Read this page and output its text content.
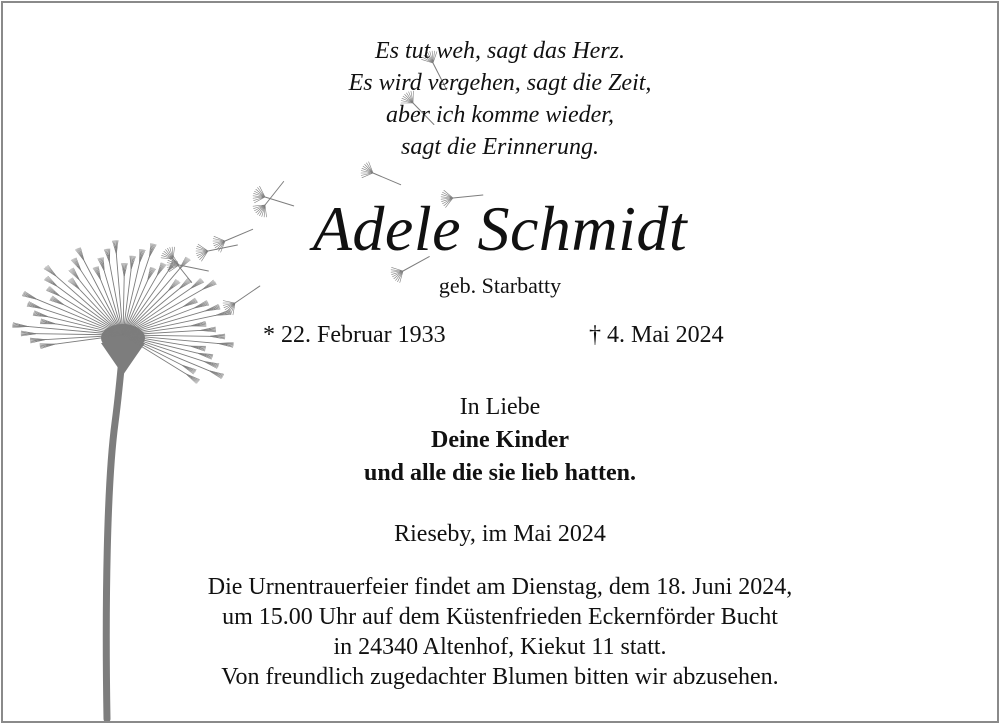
Es tut weh, sagt das Herz.
Es wird vergehen, sagt die Zeit,
aber ich komme wieder,
sagt die Erinnerung.
Adele Schmidt
geb. Starbatty
* 22. Februar 1933	† 4. Mai 2024
In Liebe
Deine Kinder
und alle die sie lieb hatten.
Rieseby, im Mai 2024
Die Urnentrauerfeier findet am Dienstag, dem 18. Juni 2024,
um 15.00 Uhr auf dem Küstenfrieden Eckernförder Bucht
in 24340 Altenhof, Kiekut 11 statt.
Von freundlich zugedachter Blumen bitten wir abzusehen.
